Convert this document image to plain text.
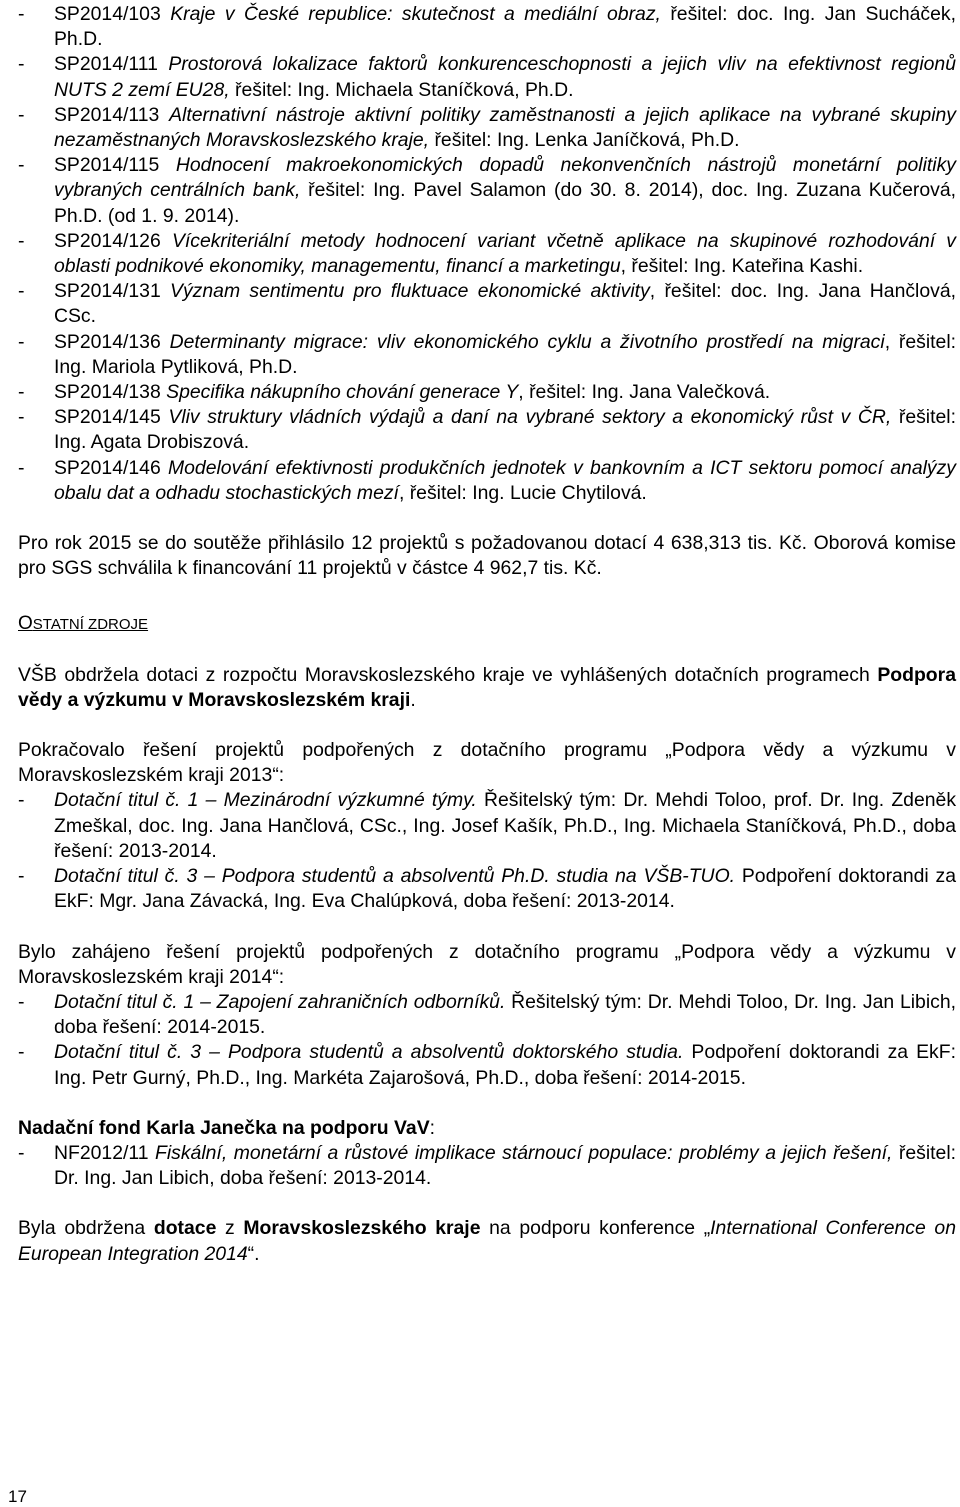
- SP2014/103 Kraje v České republice: skutečnost a mediální obraz, řešitel: doc. Ing. Jan Sucháček, Ph.D.
- SP2014/111 Prostorová lokalizace faktorů konkurenceschopnosti a jejich vliv na efektivnost regionů NUTS 2 zemí EU28, řešitel: Ing. Michaela Staníčková, Ph.D.
- SP2014/113 Alternativní nástroje aktivní politiky zaměstnanosti a jejich aplikace na vybrané skupiny nezaměstnaných Moravskoslezského kraje, řešitel: Ing. Lenka Janíčková, Ph.D.
- SP2014/115 Hodnocení makroekonomických dopadů nekonvenčních nástrojů monetární politiky vybraných centrálních bank, řešitel: Ing. Pavel Salamon (do 30. 8. 2014), doc. Ing. Zuzana Kučerová, Ph.D. (od 1. 9. 2014).
- SP2014/126 Vícekriteriální metody hodnocení variant včetně aplikace na skupinové rozhodování v oblasti podnikové ekonomiky, managementu, financí a marketingu, řešitel: Ing. Kateřina Kashi.
- SP2014/131 Význam sentimentu pro fluktuace ekonomické aktivity, řešitel: doc. Ing. Jana Hančlová, CSc.
- SP2014/136 Determinanty migrace: vliv ekonomického cyklu a životního prostředí na migraci, řešitel: Ing. Mariola Pytliková, Ph.D.
- SP2014/138 Specifika nákupního chování generace Y, řešitel: Ing. Jana Valečková.
- SP2014/145 Vliv struktury vládních výdajů a daní na vybrané sektory a ekonomický růst v ČR, řešitel: Ing. Agata Drobiszová.
- SP2014/146 Modelování efektivnosti produkčních jednotek v bankovním a ICT sektoru pomocí analýzy obalu dat a odhadu stochastických mezí, řešitel: Ing. Lucie Chytilová.

Pro rok 2015 se do soutěže přihlásilo 12 projektů s požadovanou dotací 4 638,313 tis. Kč. Oborová komise pro SGS schválila k financování 11 projektů v částce 4 962,7 tis. Kč.

OSTATNÍ ZDROJE

VŠB obdržela dotaci z rozpočtu Moravskoslezského kraje ve vyhlášených dotačních programech Podpora vědy a výzkumu v Moravskoslezském kraji.

Pokračovalo řešení projektů podpořených z dotačního programu „Podpora vědy a výzkumu v Moravskoslezském kraji 2013“:

- Dotační titul č. 1 – Mezinárodní výzkumné týmy. Řešitelský tým: Dr. Mehdi Toloo, prof. Dr. Ing. Zdeněk Zmeškal, doc. Ing. Jana Hančlová, CSc., Ing. Josef Kašík, Ph.D., Ing. Michaela Staníčková, Ph.D., doba řešení: 2013-2014.
- Dotační titul č. 3 – Podpora studentů a absolventů Ph.D. studia na VŠB-TUO. Podpoření doktorandi za EkF: Mgr. Jana Závacká, Ing. Eva Chalúpková, doba řešení: 2013-2014.

Bylo zahájeno řešení projektů podpořených z dotačního programu „Podpora vědy a výzkumu v Moravskoslezském kraji 2014“:

- Dotační titul č. 1 – Zapojení zahraničních odborníků. Řešitelský tým: Dr. Mehdi Toloo, Dr. Ing. Jan Libich, doba řešení: 2014-2015.
- Dotační titul č. 3 – Podpora studentů a absolventů doktorského studia. Podpoření doktorandi za EkF: Ing. Petr Gurný, Ph.D., Ing. Markéta Zajarošová, Ph.D., doba řešení: 2014-2015.

Nadační fond Karla Janečka na podporu VaV:

- NF2012/11 Fiskální, monetární a růstové implikace stárnoucí populace: problémy a jejich řešení, řešitel: Dr. Ing. Jan Libich, doba řešení: 2013-2014.

Byla obdržena dotace z Moravskoslezského kraje na podporu konference „International Conference on European Integration 2014“.

17
